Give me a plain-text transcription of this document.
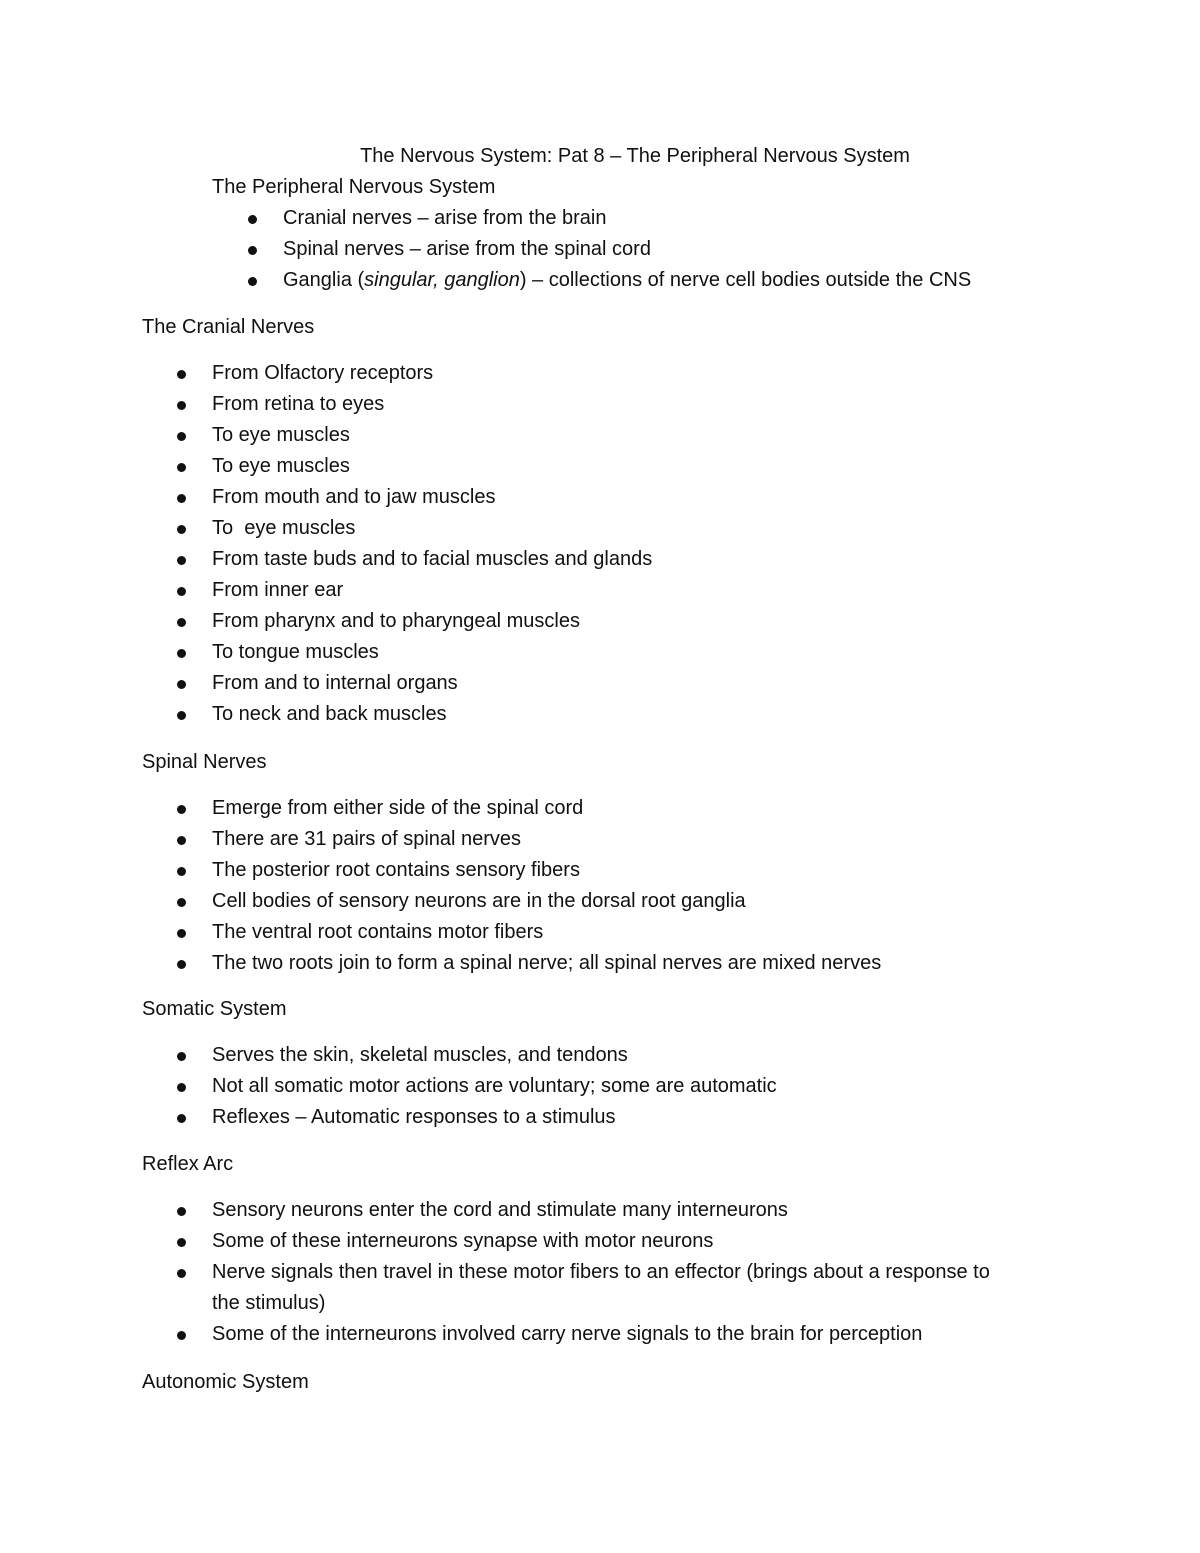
The Nervous System: Pat 8 – The Peripheral Nervous System
The Peripheral Nervous System
Cranial nerves – arise from the brain
Spinal nerves – arise from the spinal cord
Ganglia (singular, ganglion) – collections of nerve cell bodies outside the CNS
The Cranial Nerves
From Olfactory receptors
From retina to eyes
To eye muscles
To eye muscles
From mouth and to jaw muscles
To  eye muscles
From taste buds and to facial muscles and glands
From inner ear
From pharynx and to pharyngeal muscles
To tongue muscles
From and to internal organs
To neck and back muscles
Spinal Nerves
Emerge from either side of the spinal cord
There are 31 pairs of spinal nerves
The posterior root contains sensory fibers
Cell bodies of sensory neurons are in the dorsal root ganglia
The ventral root contains motor fibers
The two roots join to form a spinal nerve; all spinal nerves are mixed nerves
Somatic System
Serves the skin, skeletal muscles, and tendons
Not all somatic motor actions are voluntary; some are automatic
Reflexes – Automatic responses to a stimulus
Reflex Arc
Sensory neurons enter the cord and stimulate many interneurons
Some of these interneurons synapse with motor neurons
Nerve signals then travel in these motor fibers to an effector (brings about a response to
the stimulus)
Some of the interneurons involved carry nerve signals to the brain for perception
Autonomic System
